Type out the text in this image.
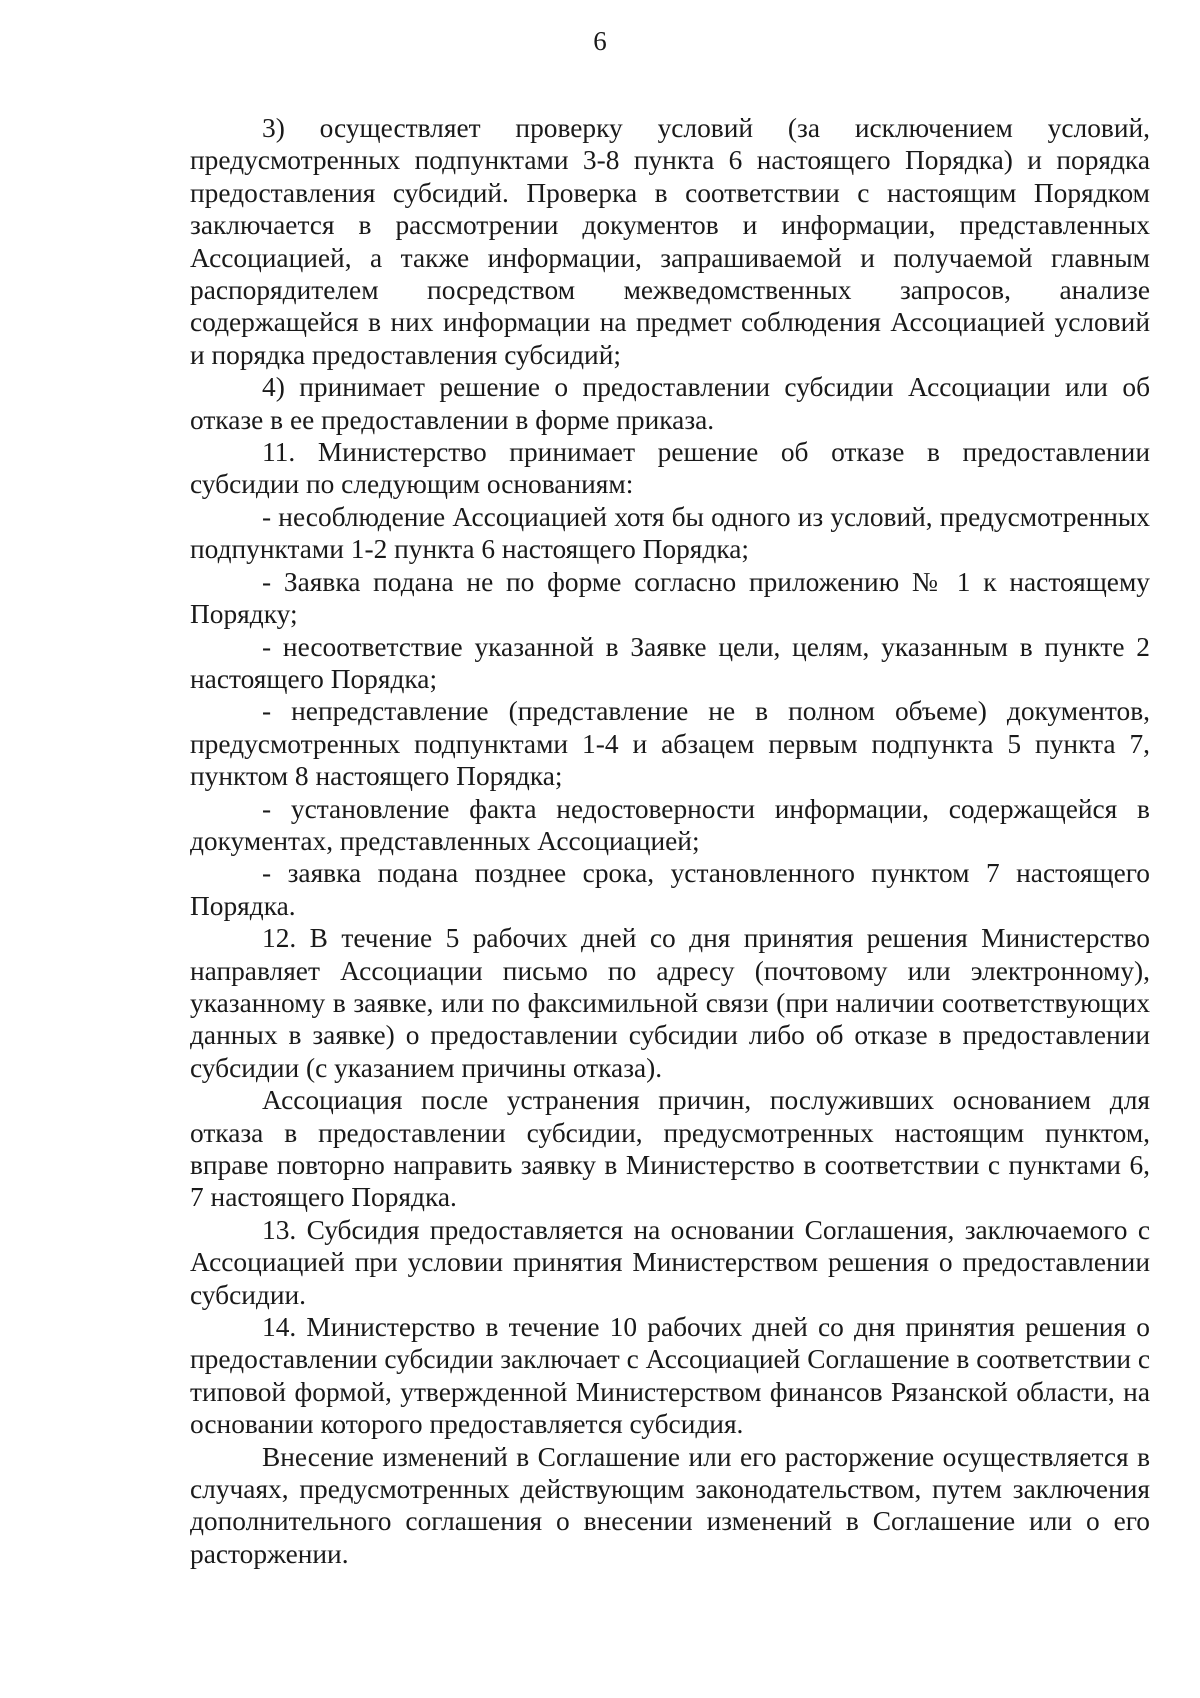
6

3) осуществляет проверку условий (за исключением условий, предусмотренных подпунктами 3-8 пункта 6 настоящего Порядка) и порядка предоставления субсидий. Проверка в соответствии с настоящим Порядком заключается в рассмотрении документов и информации, представленных Ассоциацией, а также информации, запрашиваемой и получаемой главным распорядителем посредством межведомственных запросов, анализе содержащейся в них информации на предмет соблюдения Ассоциацией условий и порядка предоставления субсидий;

4) принимает решение о предоставлении субсидии Ассоциации или об отказе в ее предоставлении в форме приказа.

11. Министерство принимает решение об отказе в предоставлении субсидии по следующим основаниям:

- несоблюдение Ассоциацией хотя бы одного из условий, предусмотренных подпунктами 1-2 пункта 6 настоящего Порядка;

- Заявка подана не по форме согласно приложению № 1 к настоящему Порядку;

- несоответствие указанной в Заявке цели, целям, указанным в пункте 2 настоящего Порядка;

- непредставление (представление не в полном объеме) документов, предусмотренных подпунктами 1-4 и абзацем первым подпункта 5 пункта 7, пунктом 8 настоящего Порядка;

- установление факта недостоверности информации, содержащейся в документах, представленных Ассоциацией;

- заявка подана позднее срока, установленного пунктом 7 настоящего Порядка.

12. В течение 5 рабочих дней со дня принятия решения Министерство направляет Ассоциации письмо по адресу (почтовому или электронному), указанному в заявке, или по факсимильной связи (при наличии соответствующих данных в заявке) о предоставлении субсидии либо об отказе в предоставлении субсидии (с указанием причины отказа).

Ассоциация после устранения причин, послуживших основанием для отказа в предоставлении субсидии, предусмотренных настоящим пунктом, вправе повторно направить заявку в Министерство в соответствии с пунктами 6, 7 настоящего Порядка.

13. Субсидия предоставляется на основании Соглашения, заключаемого с Ассоциацией при условии принятия Министерством решения о предоставлении субсидии.

14. Министерство в течение 10 рабочих дней со дня принятия решения о предоставлении субсидии заключает с Ассоциацией Соглашение в соответствии с типовой формой, утвержденной Министерством финансов Рязанской области, на основании которого предоставляется субсидия.

Внесение изменений в Соглашение или его расторжение осуществляется в случаях, предусмотренных действующим законодательством, путем заключения дополнительного соглашения о внесении изменений в Соглашение или о его расторжении.
